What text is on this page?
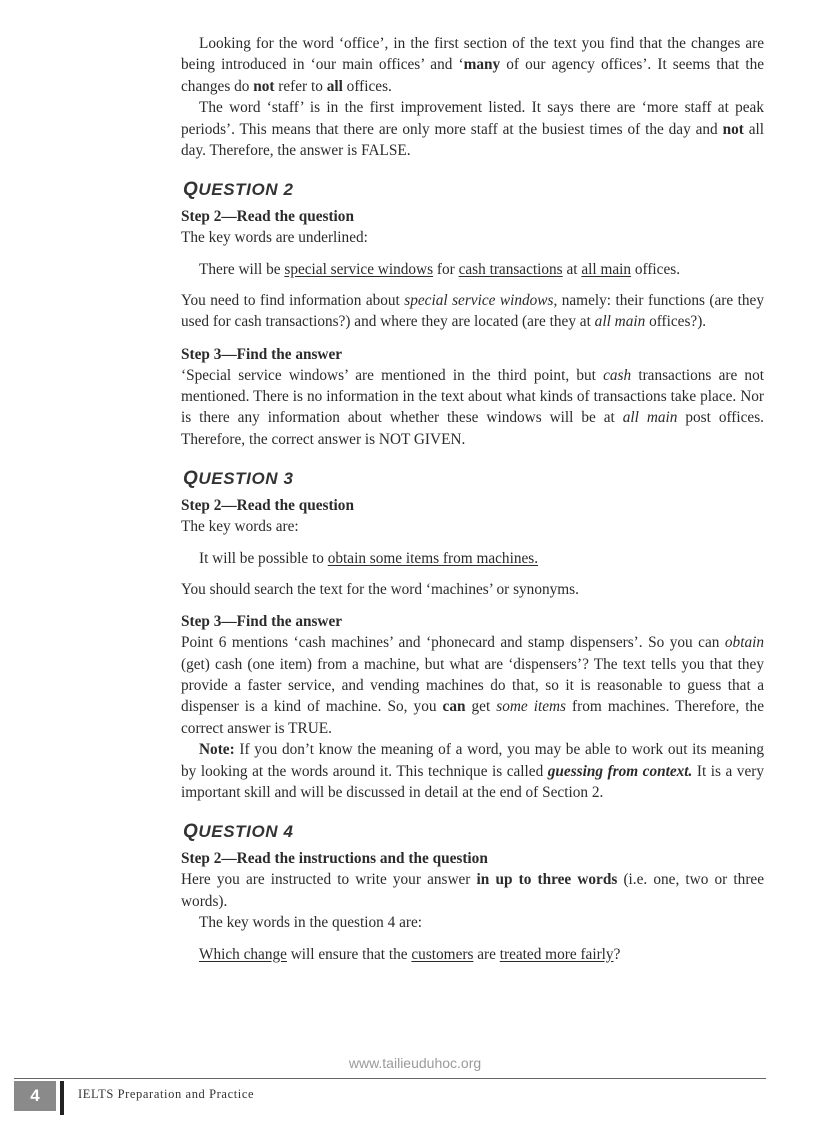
Looking for the word ‘office’, in the first section of the text you find that the changes are being introduced in ‘our main offices’ and ‘many of our agency offices’. It seems that the changes do not refer to all offices.

The word ‘staff’ is in the first improvement listed. It says there are ‘more staff at peak periods’. This means that there are only more staff at the busiest times of the day and not all day. Therefore, the answer is FALSE.

QUESTION 2
Step 2—Read the question

The key words are underlined:

There will be special service windows for cash transactions at all main offices.

You need to find information about special service windows, namely: their functions (are they used for cash transactions?) and where they are located (are they at all main offices?).

Step 3—Find the answer

‘Special service windows’ are mentioned in the third point, but cash transactions are not mentioned. There is no information in the text about what kinds of transactions take place. Nor is there any information about whether these windows will be at all main post offices. Therefore, the correct answer is NOT GIVEN.

QUESTION 3
Step 2—Read the question

The key words are:

It will be possible to obtain some items from machines.

You should search the text for the word ‘machines’ or synonyms.

Step 3—Find the answer

Point 6 mentions ‘cash machines’ and ‘phonecard and stamp dispensers’. So you can obtain (get) cash (one item) from a machine, but what are ‘dispensers’? The text tells you that they provide a faster service, and vending machines do that, so it is reasonable to guess that a dispenser is a kind of machine. So, you can get some items from machines. Therefore, the correct answer is TRUE.

Note: If you don’t know the meaning of a word, you may be able to work out its meaning by looking at the words around it. This technique is called guessing from context. It is a very important skill and will be discussed in detail at the end of Section 2.

QUESTION 4
Step 2—Read the instructions and the question

Here you are instructed to write your answer in up to three words (i.e. one, two or three words).

The key words in the question 4 are:

Which change will ensure that the customers are treated more fairly?

www.tailieuduhoc.org
4	IELTS Preparation and Practice
